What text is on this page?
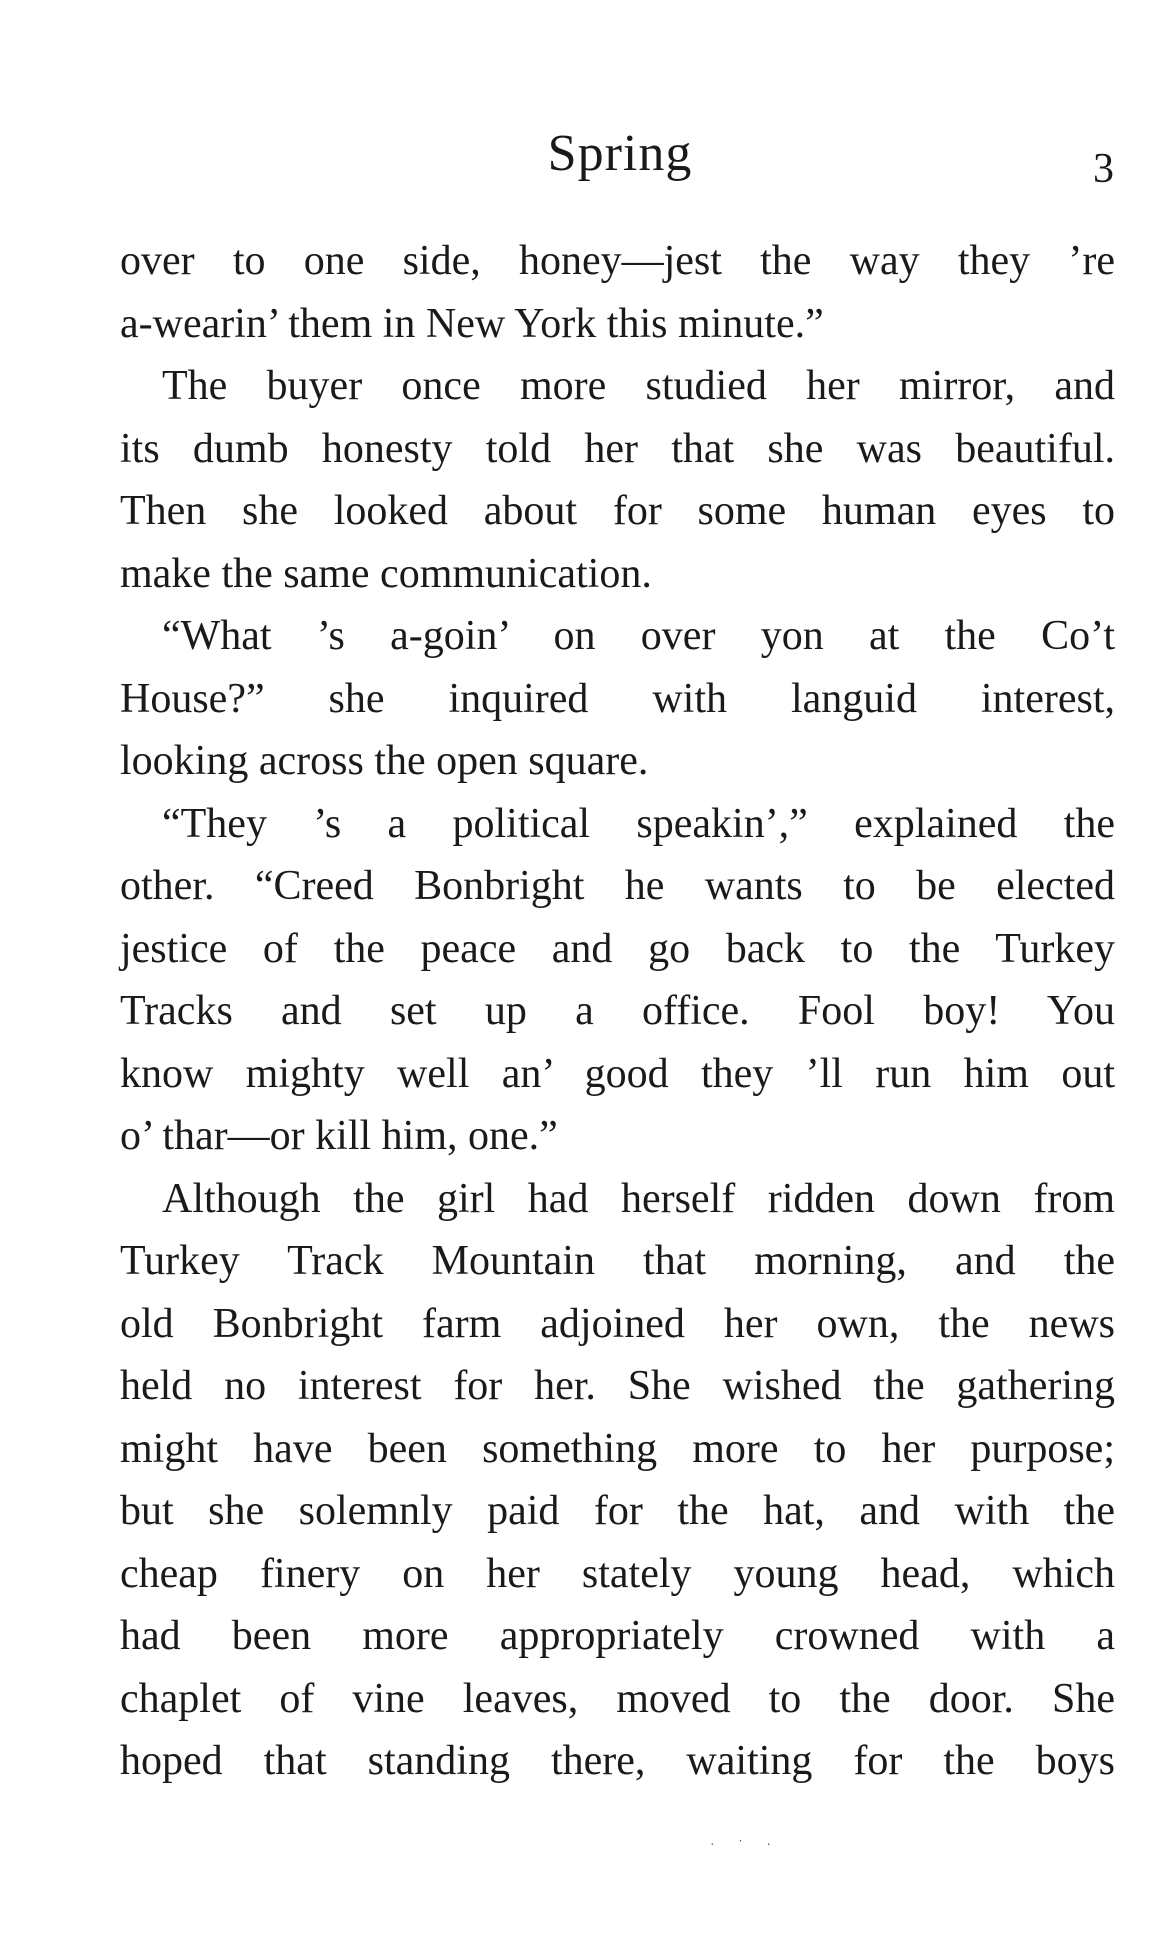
Spring	3
over to one side, honey—jest the way they ’re
a-wearin’ them in New York this minute.”
The buyer once more studied her mirror, and
its dumb honesty told her that she was beautiful.
Then she looked about for some human eyes to
make the same communication.
“What ’s a-goin’ on over yon at the Co’t
House?” she inquired with languid interest,
looking across the open square.
“They ’s a political speakin’,” explained the
other. “Creed Bonbright he wants to be elected
jestice of the peace and go back to the Turkey
Tracks and set up a office. Fool boy! You
know mighty well an’ good they ’ll run him out
o’ thar—or kill him, one.”
Although the girl had herself ridden down from
Turkey Track Mountain that morning, and the
old Bonbright farm adjoined her own, the news
held no interest for her. She wished the gathering
might have been something more to her purpose;
but she solemnly paid for the hat, and with the
cheap finery on her stately young head, which
had been more appropriately crowned with a
chaplet of vine leaves, moved to the door. She
hoped that standing there, waiting for the boys
· ˙ ·
